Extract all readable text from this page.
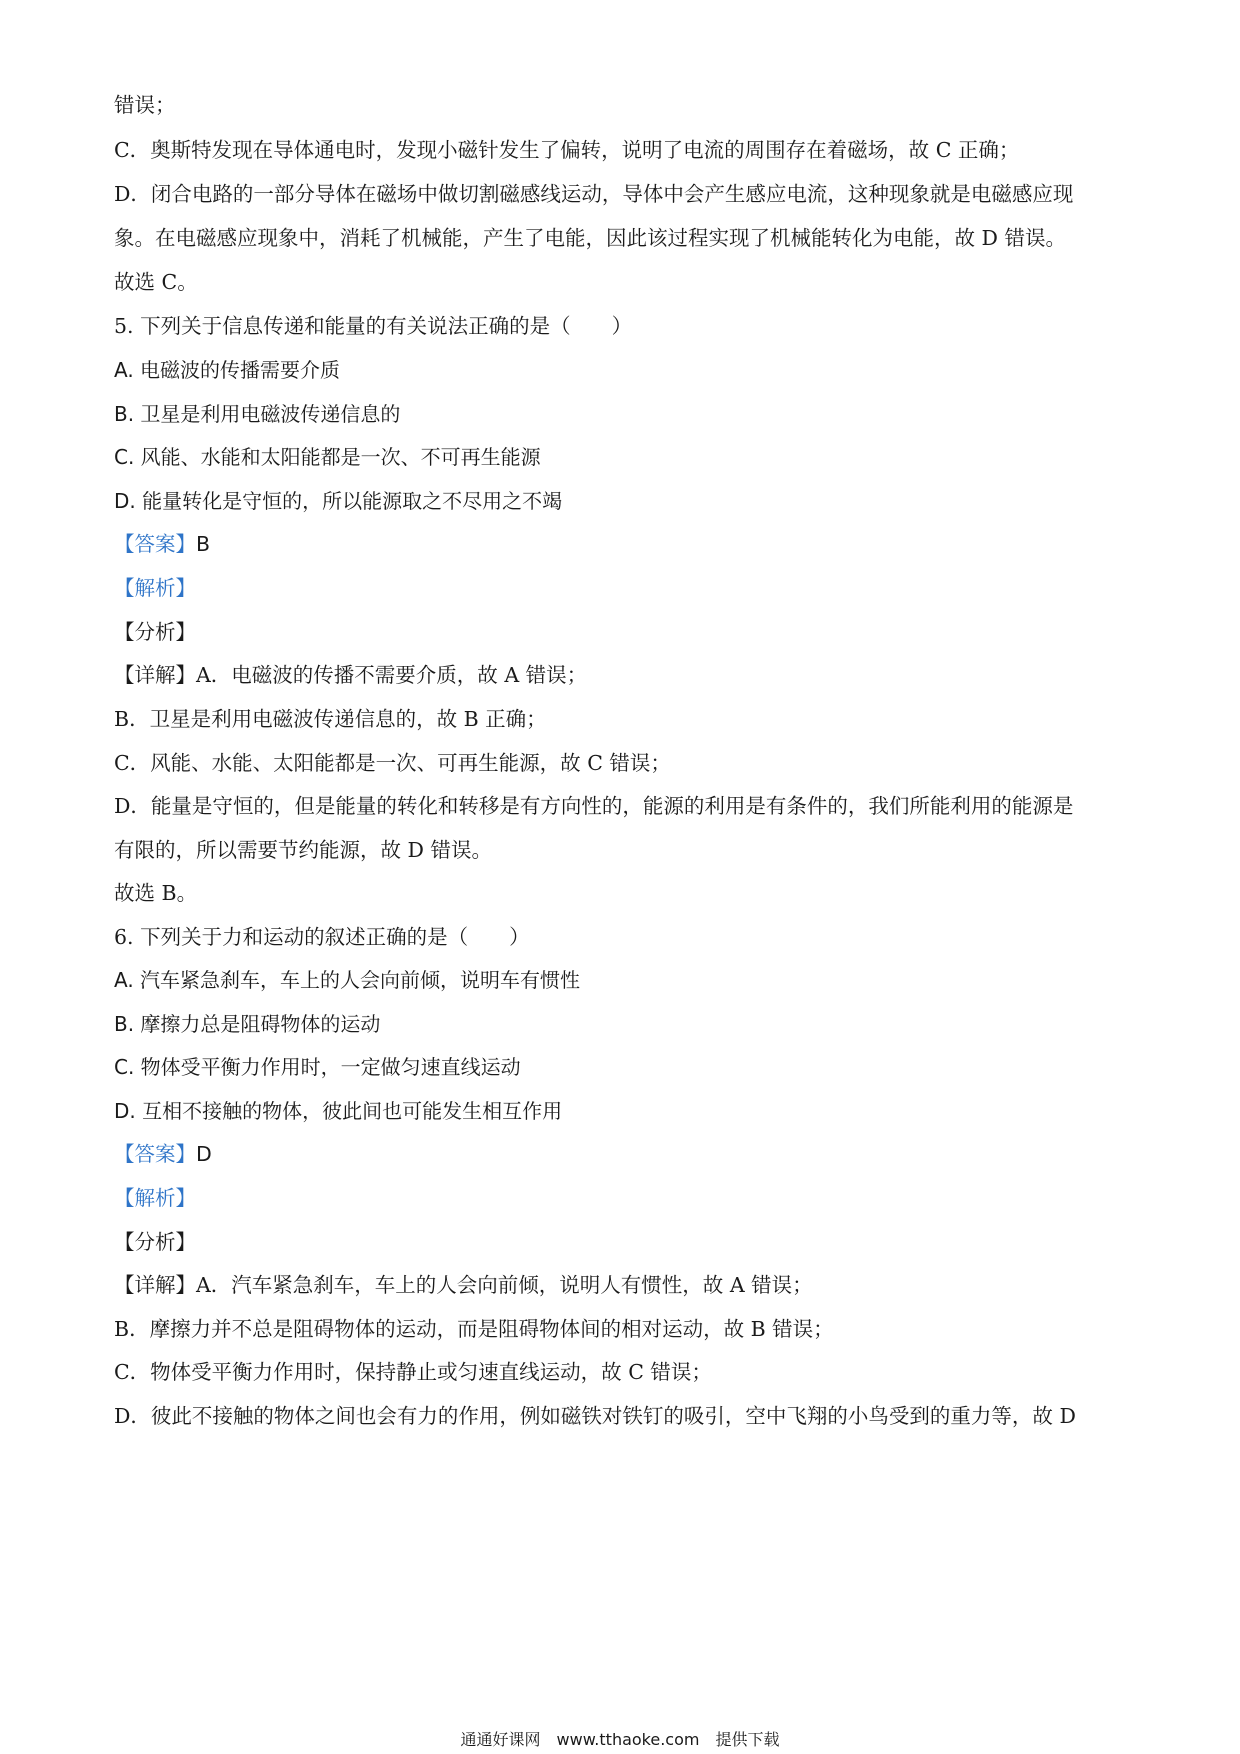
错误；
C．奥斯特发现在导体通电时，发现小磁针发生了偏转，说明了电流的周围存在着磁场，故 C 正确；
D．闭合电路的一部分导体在磁场中做切割磁感线运动，导体中会产生感应电流，这种现象就是电磁感应现
象。在电磁感应现象中，消耗了机械能，产生了电能，因此该过程实现了机械能转化为电能，故 D 错误。
故选 C。
5. 下列关于信息传递和能量的有关说法正确的是（　　）
A. 电磁波的传播需要介质
B. 卫星是利用电磁波传递信息的
C. 风能、水能和太阳能都是一次、不可再生能源
D. 能量转化是守恒的，所以能源取之不尽用之不竭
【答案】B
【解析】
【分析】
【详解】A．电磁波的传播不需要介质，故 A 错误；
B．卫星是利用电磁波传递信息的，故 B 正确；
C．风能、水能、太阳能都是一次、可再生能源，故 C 错误；
D．能量是守恒的，但是能量的转化和转移是有方向性的，能源的利用是有条件的，我们所能利用的能源是
有限的，所以需要节约能源，故 D 错误。
故选 B。
6. 下列关于力和运动的叙述正确的是（　　）
A. 汽车紧急刹车，车上的人会向前倾，说明车有惯性
B. 摩擦力总是阻碍物体的运动
C. 物体受平衡力作用时，一定做匀速直线运动
D. 互相不接触的物体，彼此间也可能发生相互作用
【答案】D
【解析】
【分析】
【详解】A．汽车紧急刹车，车上的人会向前倾，说明人有惯性，故 A 错误；
B．摩擦力并不总是阻碍物体的运动，而是阻碍物体间的相对运动，故 B 错误；
C．物体受平衡力作用时，保持静止或匀速直线运动，故 C 错误；
D．彼此不接触的物体之间也会有力的作用，例如磁铁对铁钉的吸引，空中飞翔的小鸟受到的重力等，故 D
通通好课网　www.tthaoke.com　提供下载
